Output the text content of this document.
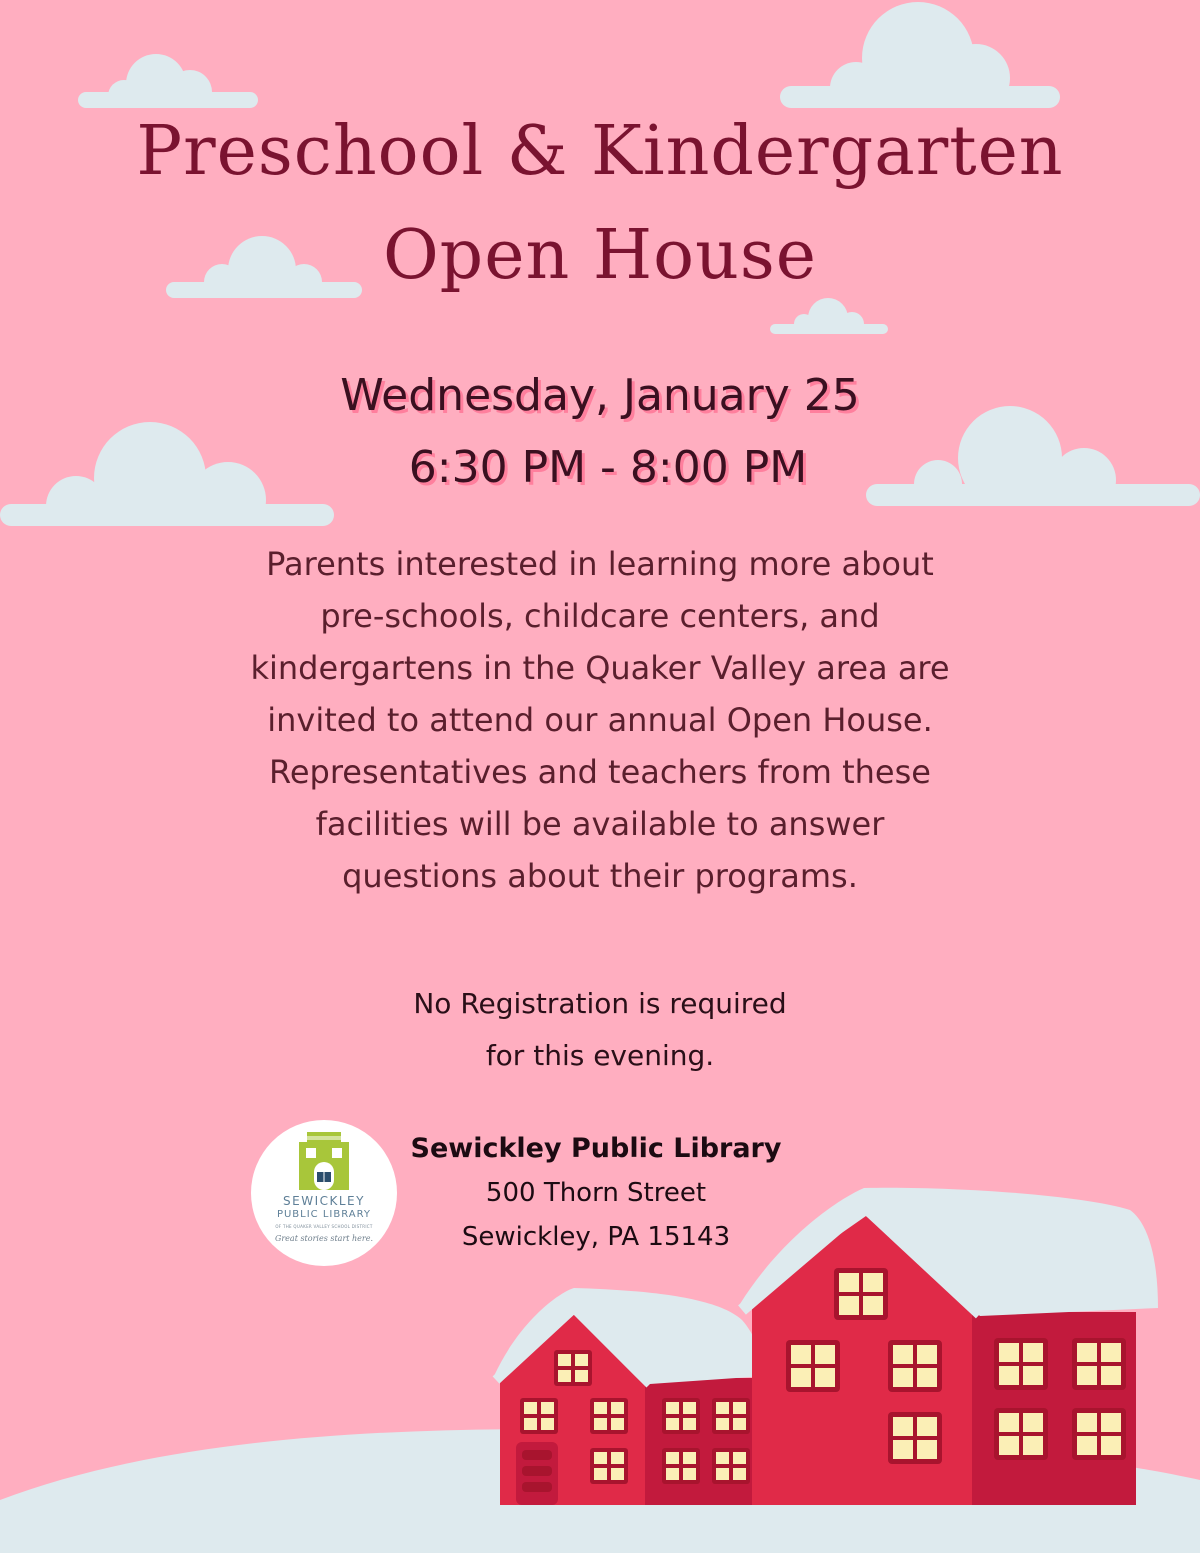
Preschool & Kindergarten
Open House
Wednesday, January 25
6:30 PM - 8:00 PM

Parents interested in learning more about pre-schools, childcare centers, and kindergartens in the Quaker Valley area are invited to attend our annual Open House. Representatives and teachers from these facilities will be available to answer questions about their programs.

No Registration is required
for this evening.
SEWICKLEY
PUBLIC LIBRARY
OF THE QUAKER VALLEY SCHOOL DISTRICT
Great stories start here.
Sewickley Public Library
500 Thorn Street
Sewickley, PA 15143
